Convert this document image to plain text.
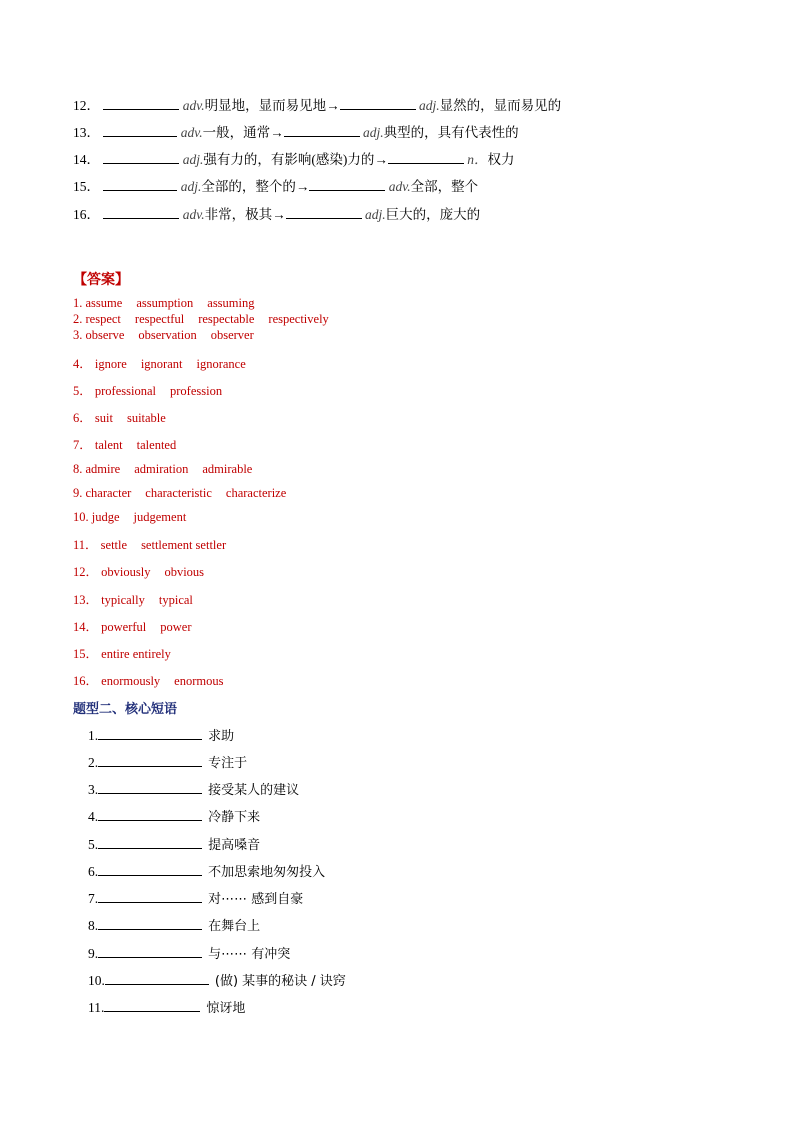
12．	adv.明显地，显而易见地→	adj.显然的，显而易见的
13．	adv.一般，通常→	adj.典型的，具有代表性的
14．	adj.强有力的，有影响(感染)力的→	n．权力
15．	adj.全部的，整个的→	adv.全部，整个
16．	adv.非常，极其→	adj.巨大的，庞大的
【答案】
1. assume assumption assuming
2. respect respectful respectable respectively
3. observe observation observer
4． ignore ignorant ignorance
5． professional profession
6． suit suitable
7． talent talented
8. admire admiration admirable
9. character characteristic characterize
10. judge judgement
11． settle settlement settler
12． obviously obvious
13． typically typical
14． powerful power
15． entire entirely
16． enormously enormous
题型二、核心短语
1.	求助
2.	专注于
3.	接受某人的建议
4.	冷静下来
5.	提高嗓音
6.	不加思索地匆匆投入
7.	对⋯⋯ 感到自豪
8.	在舞台上
9.	与⋯⋯ 有冲突
10.	(做) 某事的秘诀 / 诀窍
11.	惊讶地
